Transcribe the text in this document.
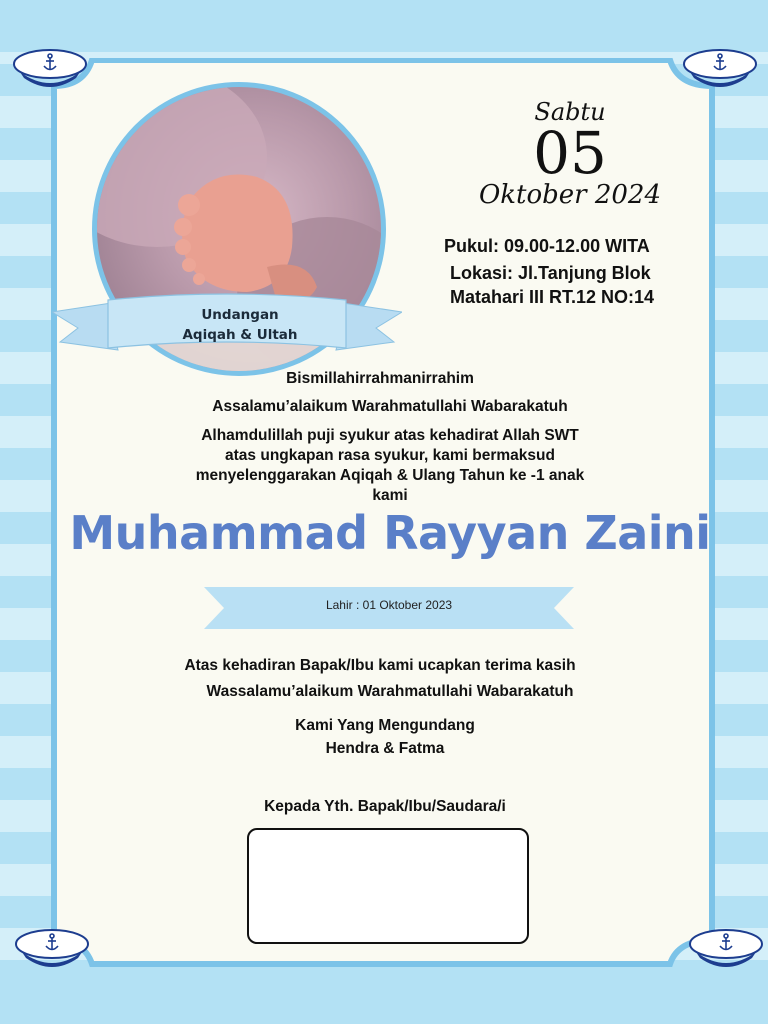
Undangan
Aqiqah & Ultah
Sabtu
05
Oktober 2024
Pukul: 09.00-12.00 WITA
Lokasi: Jl.Tanjung Blok
Matahari III RT.12 NO:14
Bismillahirrahmanirrahim
Assalamu’alaikum Warahmatullahi Wabarakatuh
Alhamdulillah puji syukur atas kehadirat Allah SWT
atas ungkapan rasa syukur, kami bermaksud
menyelenggarakan Aqiqah & Ulang Tahun ke -1 anak
kami
Muhammad Rayyan Zaini
Lahir : 01 Oktober 2023
Atas kehadiran Bapak/Ibu kami ucapkan terima kasih
Wassalamu’alaikum Warahmatullahi Wabarakatuh
Kami Yang Mengundang
Hendra & Fatma
Kepada Yth. Bapak/Ibu/Saudara/i
